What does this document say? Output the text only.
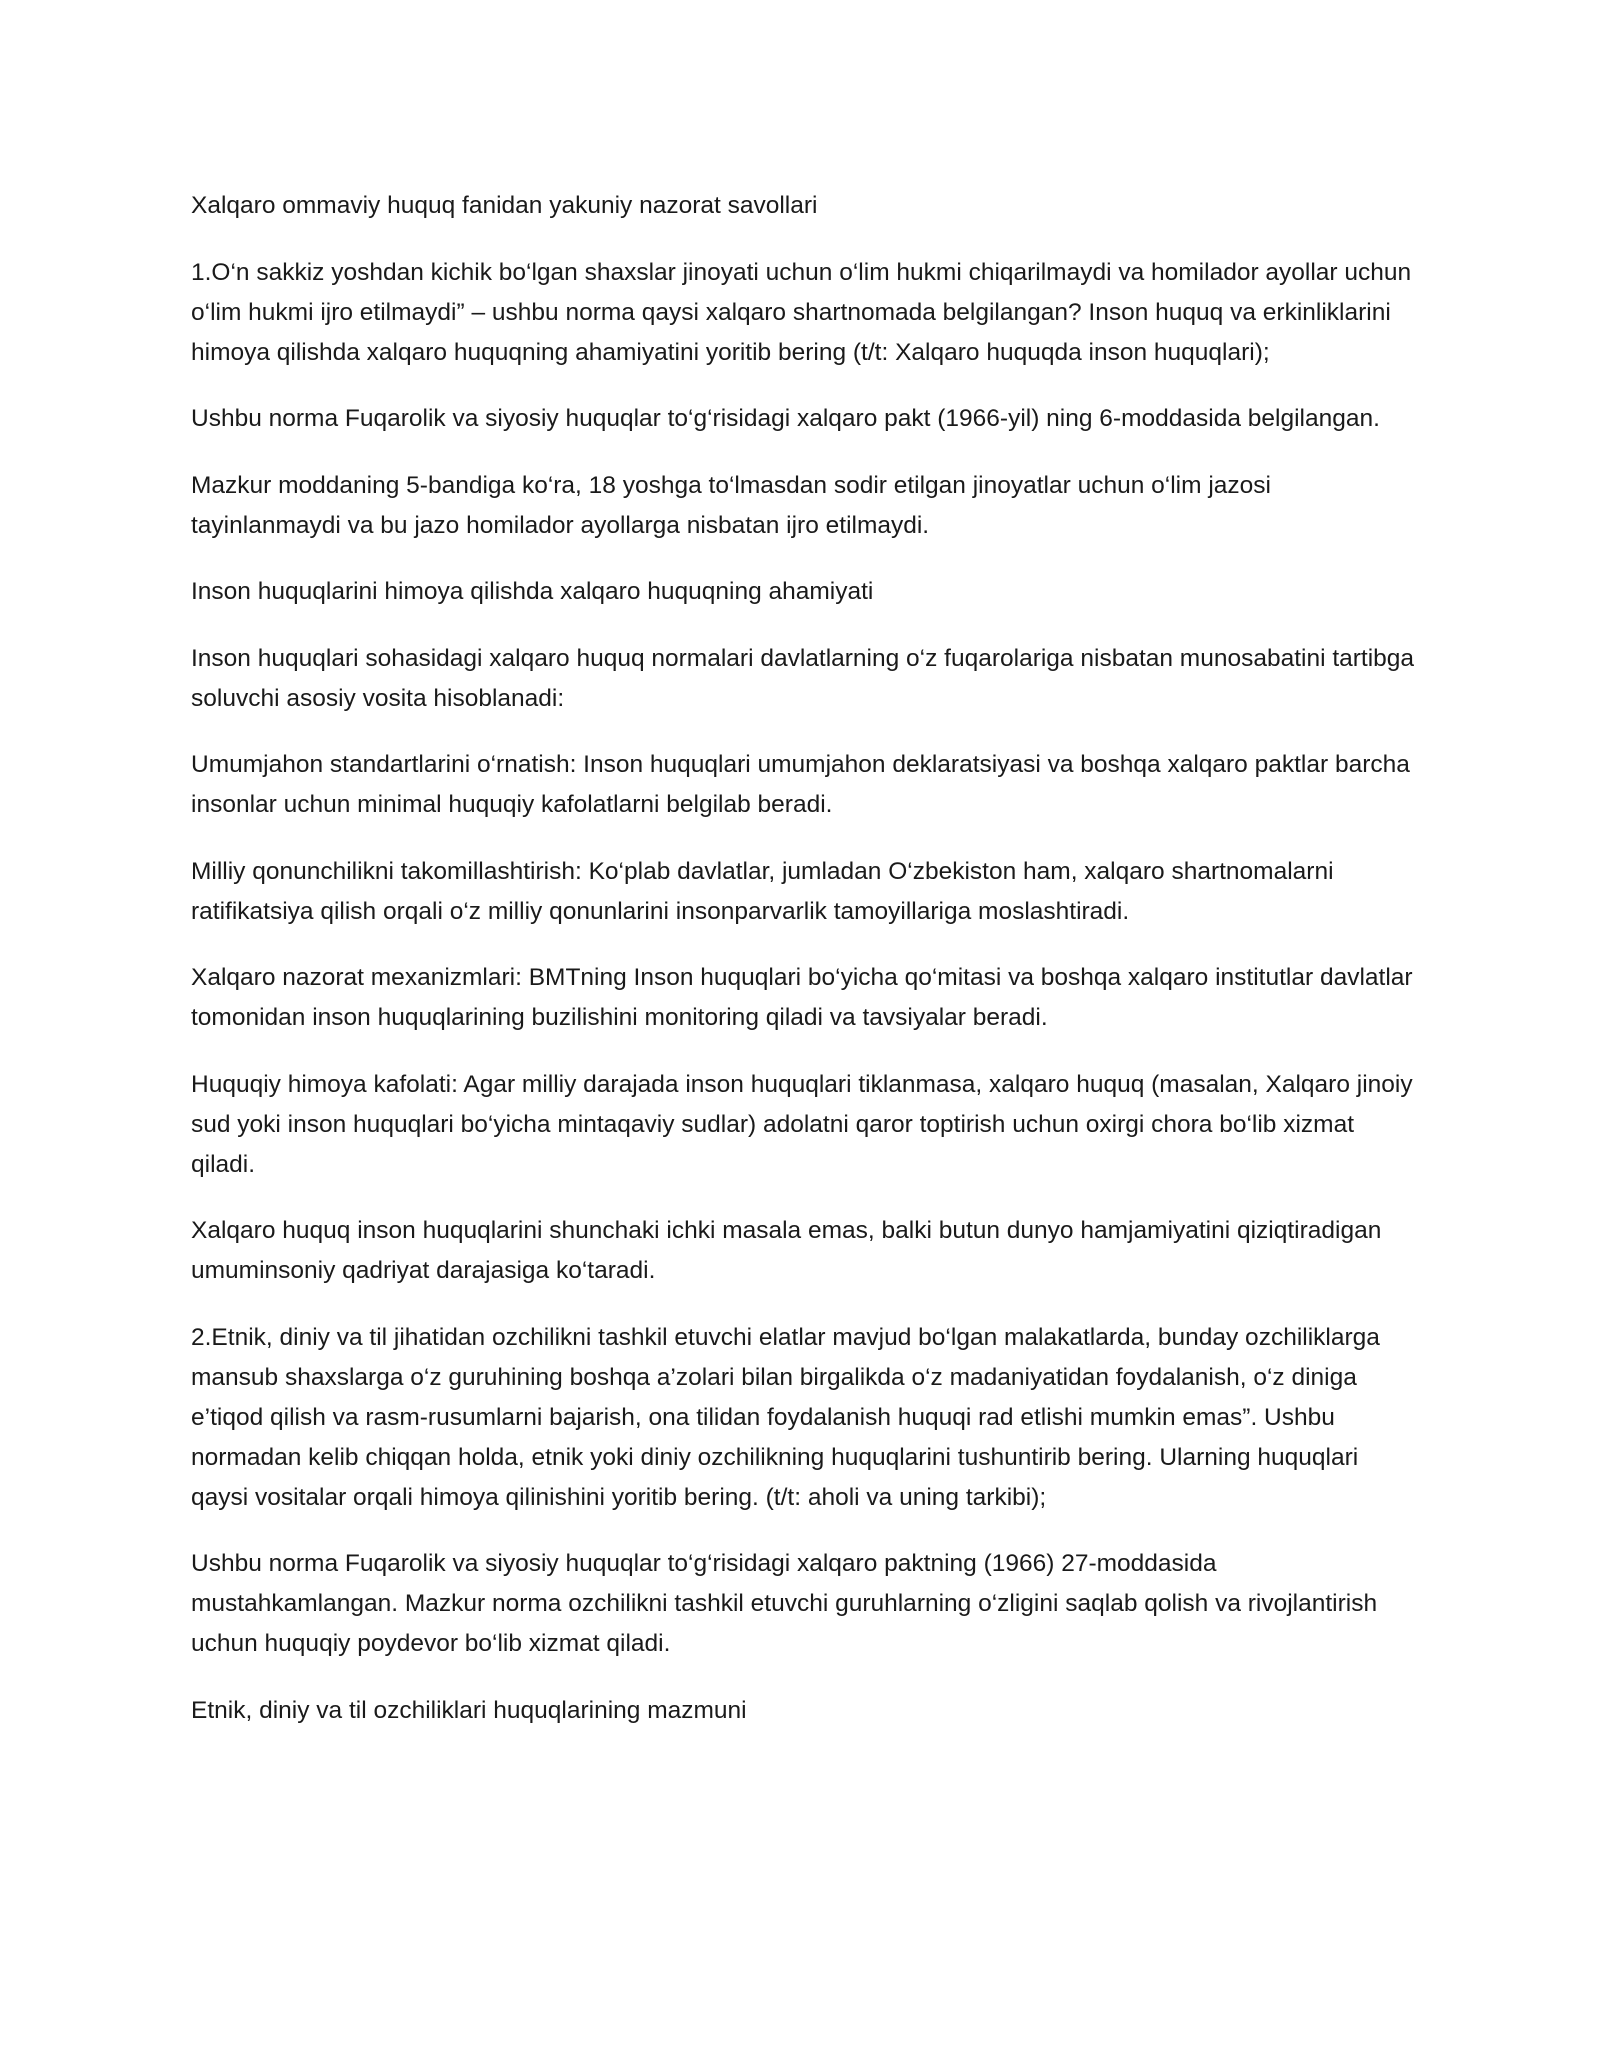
Xalqaro ommaviy huquq fanidan yakuniy nazorat savollari

1.O‘n sakkiz yoshdan kichik bo‘lgan shaxslar jinoyati uchun o‘lim hukmi chiqarilmaydi va homilador ayollar uchun o‘lim hukmi ijro etilmaydi” – ushbu norma qaysi xalqaro shartnomada belgilangan? Inson huquq va erkinliklarini himoya qilishda xalqaro huquqning ahamiyatini yoritib bering (t/t: Xalqaro huquqda inson huquqlari);

Ushbu norma Fuqarolik va siyosiy huquqlar to‘g‘risidagi xalqaro pakt (1966-yil) ning 6-moddasida belgilangan.

Mazkur moddaning 5-bandiga ko‘ra, 18 yoshga to‘lmasdan sodir etilgan jinoyatlar uchun o‘lim jazosi tayinlanmaydi va bu jazo homilador ayollarga nisbatan ijro etilmaydi.

Inson huquqlarini himoya qilishda xalqaro huquqning ahamiyati

Inson huquqlari sohasidagi xalqaro huquq normalari davlatlarning o‘z fuqarolariga nisbatan munosabatini tartibga soluvchi asosiy vosita hisoblanadi:

Umumjahon standartlarini o‘rnatish: Inson huquqlari umumjahon deklaratsiyasi va boshqa xalqaro paktlar barcha insonlar uchun minimal huquqiy kafolatlarni belgilab beradi.

Milliy qonunchilikni takomillashtirish: Ko‘plab davlatlar, jumladan O‘zbekiston ham, xalqaro shartnomalarni ratifikatsiya qilish orqali o‘z milliy qonunlarini insonparvarlik tamoyillariga moslashtiradi.

Xalqaro nazorat mexanizmlari: BMTning Inson huquqlari bo‘yicha qo‘mitasi va boshqa xalqaro institutlar davlatlar tomonidan inson huquqlarining buzilishini monitoring qiladi va tavsiyalar beradi.

Huquqiy himoya kafolati: Agar milliy darajada inson huquqlari tiklanmasa, xalqaro huquq (masalan, Xalqaro jinoiy sud yoki inson huquqlari bo‘yicha mintaqaviy sudlar) adolatni qaror toptirish uchun oxirgi chora bo‘lib xizmat qiladi.

Xalqaro huquq inson huquqlarini shunchaki ichki masala emas, balki butun dunyo hamjamiyatini qiziqtiradigan umuminsoniy qadriyat darajasiga ko‘taradi.

2.Etnik, diniy va til jihatidan ozchilikni tashkil etuvchi elatlar mavjud bo‘lgan malakatlarda, bunday ozchiliklarga mansub shaxslarga o‘z guruhining boshqa a’zolari bilan birgalikda o‘z madaniyatidan foydalanish, o‘z diniga e’tiqod qilish va rasm-rusumlarni bajarish, ona tilidan foydalanish huquqi rad etlishi mumkin emas”. Ushbu normadan kelib chiqqan holda, etnik yoki diniy ozchilikning huquqlarini tushuntirib bering. Ularning huquqlari qaysi vositalar orqali himoya qilinishini yoritib bering. (t/t: aholi va uning tarkibi);

Ushbu norma Fuqarolik va siyosiy huquqlar to‘g‘risidagi xalqaro paktning (1966) 27-moddasida mustahkamlangan. Mazkur norma ozchilikni tashkil etuvchi guruhlarning o‘zligini saqlab qolish va rivojlantirish uchun huquqiy poydevor bo‘lib xizmat qiladi.

Etnik, diniy va til ozchiliklari huquqlarining mazmuni
